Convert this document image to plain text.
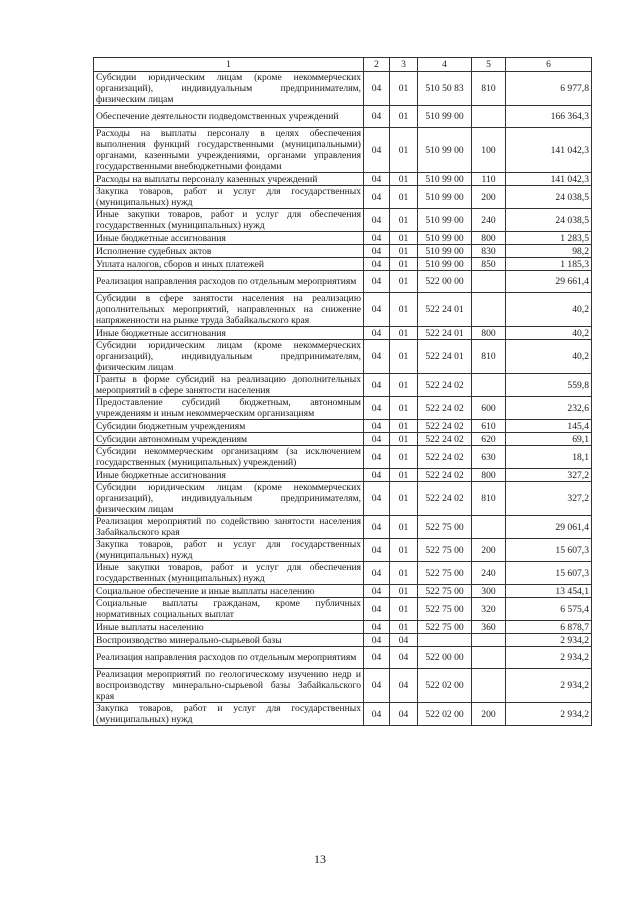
1	2	3	4	5	6
Субсидии юридическим лицам (кроме некоммерческих организаций), индивидуальным предпринимателям, физическим лицам	04	01	510 50 83	810	6 977,8
Обеспечение деятельности подведомственных учреждений	04	01	510 99 00		166 364,3
Расходы на выплаты персоналу в целях обеспечения выполнения функций государственными (муниципальными) органами, казенными учреждениями, органами управления государственными внебюджетными фондами	04	01	510 99 00	100	141 042,3
Расходы на выплаты персоналу казенных учреждений	04	01	510 99 00	110	141 042,3
Закупка товаров, работ и услуг для государственных (муниципальных) нужд	04	01	510 99 00	200	24 038,5
Иные закупки товаров, работ и услуг для обеспечения государственных (муниципальных) нужд	04	01	510 99 00	240	24 038,5
Иные бюджетные ассигнования	04	01	510 99 00	800	1 283,5
Исполнение судебных актов	04	01	510 99 00	830	98,2
Уплата налогов, сборов и иных платежей	04	01	510 99 00	850	1 185,3
Реализация направления расходов по отдельным мероприятиям	04	01	522 00 00		29 661,4
Субсидии в сфере занятости населения на реализацию дополнительных мероприятий, направленных на снижение напряженности на рынке труда Забайкальского края	04	01	522 24 01		40,2
Иные бюджетные ассигнования	04	01	522 24 01	800	40,2
Субсидии юридическим лицам (кроме некоммерческих организаций), индивидуальным предпринимателям, физическим лицам	04	01	522 24 01	810	40,2
Гранты в форме субсидий на реализацию дополнительных мероприятий в сфере занятости населения	04	01	522 24 02		559,8
Предоставление субсидий бюджетным, автономным учреждениям и иным некоммерческим организациям	04	01	522 24 02	600	232,6
Субсидии бюджетным учреждениям	04	01	522 24 02	610	145,4
Субсидии автономным учреждениям	04	01	522 24 02	620	69,1
Субсидии некоммерческим организациям (за исключением государственных (муниципальных) учреждений)	04	01	522 24 02	630	18,1
Иные бюджетные ассигнования	04	01	522 24 02	800	327,2
Субсидии юридическим лицам (кроме некоммерческих организаций), индивидуальным предпринимателям, физическим лицам	04	01	522 24 02	810	327,2
Реализация мероприятий по содействию занятости населения Забайкальского края	04	01	522 75 00		29 061,4
Закупка товаров, работ и услуг для государственных (муниципальных) нужд	04	01	522 75 00	200	15 607,3
Иные закупки товаров, работ и услуг для обеспечения государственных (муниципальных) нужд	04	01	522 75 00	240	15 607,3
Социальное обеспечение и иные выплаты населению	04	01	522 75 00	300	13 454,1
Социальные выплаты гражданам, кроме публичных нормативных социальных выплат	04	01	522 75 00	320	6 575,4
Иные выплаты населению	04	01	522 75 00	360	6 878,7
Воспроизводство минерально-сырьевой базы	04	04			2 934,2
Реализация направления расходов по отдельным мероприятиям	04	04	522 00 00		2 934,2
Реализация мероприятий по геологическому изучению недр и воспроизводству минерально-сырьевой базы Забайкальского края	04	04	522 02 00		2 934,2
Закупка товаров, работ и услуг для государственных (муниципальных) нужд	04	04	522 02 00	200	2 934,2
13
